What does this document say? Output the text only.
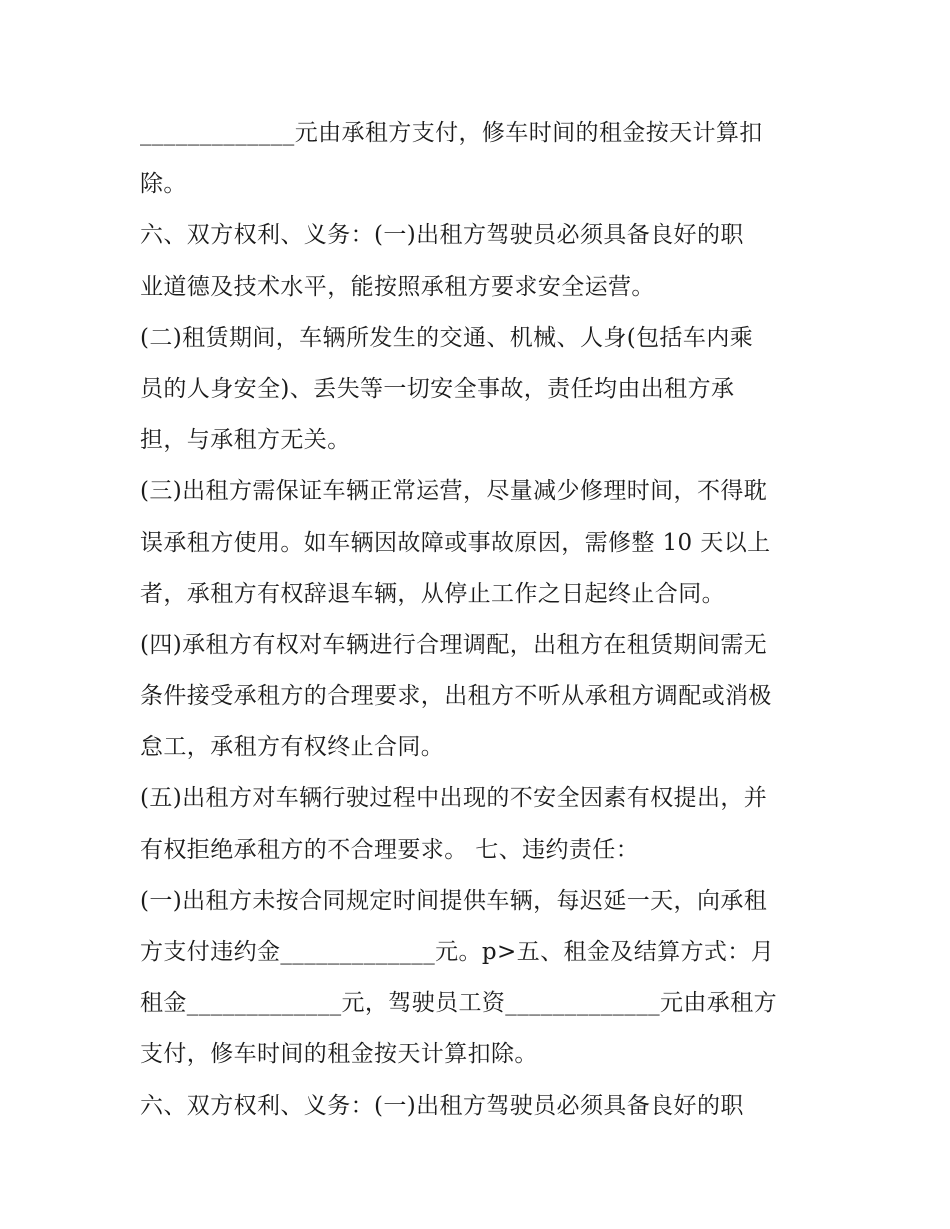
_____________元由承租方支付，修车时间的租金按天计算扣
除。
六、双方权利、义务：(一)出租方驾驶员必须具备良好的职
业道德及技术水平，能按照承租方要求安全运营。
(二)租赁期间，车辆所发生的交通、机械、人身(包括车内乘
员的人身安全)、丢失等一切安全事故，责任均由出租方承
担，与承租方无关。
(三)出租方需保证车辆正常运营，尽量减少修理时间，不得耽
误承租方使用。如车辆因故障或事故原因，需修整 10 天以上
者，承租方有权辞退车辆，从停止工作之日起终止合同。
(四)承租方有权对车辆进行合理调配，出租方在租赁期间需无
条件接受承租方的合理要求，出租方不听从承租方调配或消极
怠工，承租方有权终止合同。
(五)出租方对车辆行驶过程中出现的不安全因素有权提出，并
有权拒绝承租方的不合理要求。 七、违约责任：
(一)出租方未按合同规定时间提供车辆，每迟延一天，向承租
方支付违约金_____________元。p>五、租金及结算方式：月
租金_____________元，驾驶员工资_____________元由承租方
支付，修车时间的租金按天计算扣除。
六、双方权利、义务：(一)出租方驾驶员必须具备良好的职
